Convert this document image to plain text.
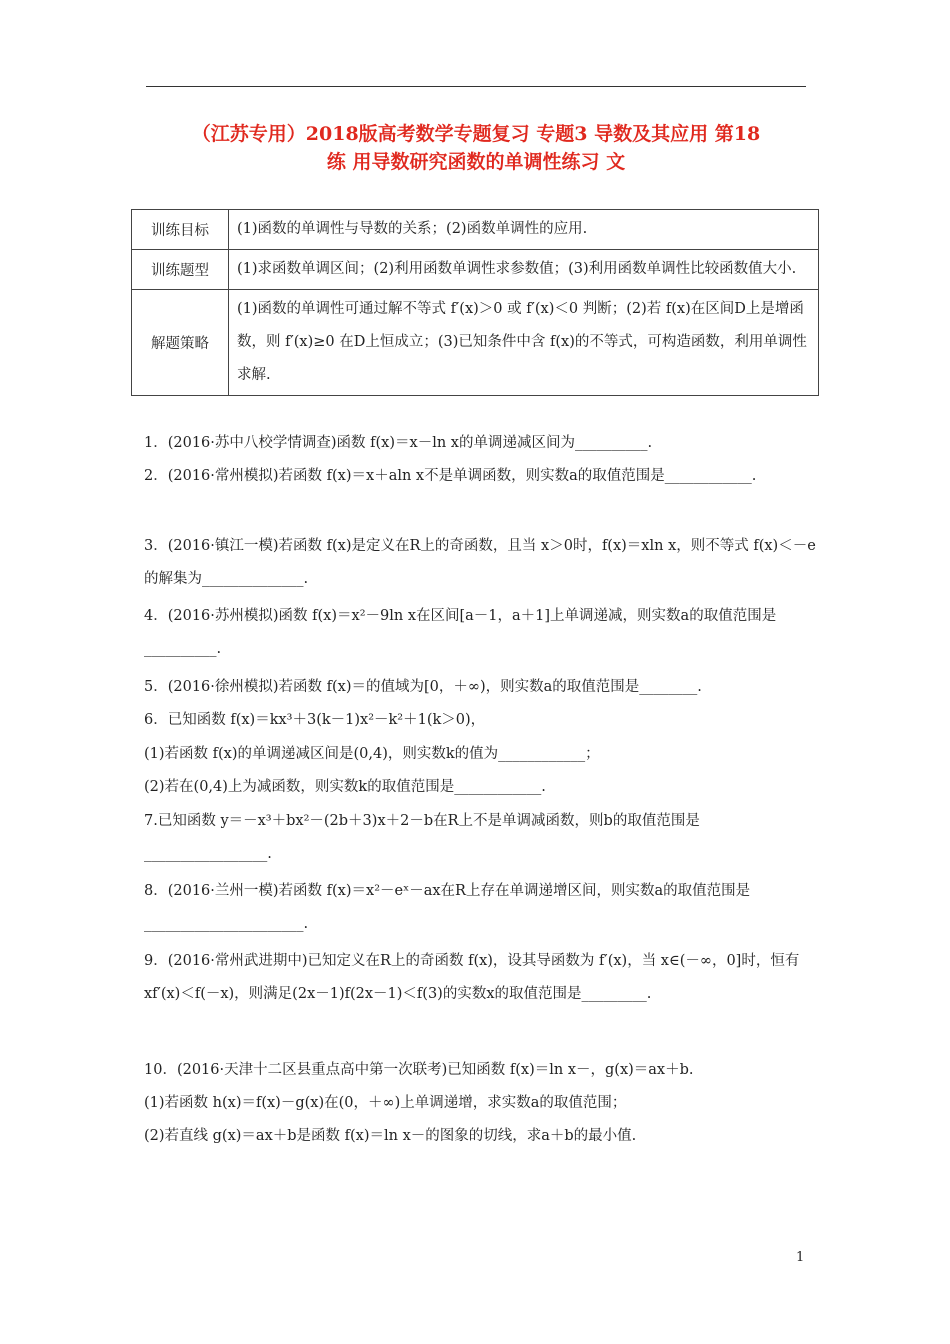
（江苏专用）2018版高考数学专题复习 专题3 导数及其应用 第18
练 用导数研究函数的单调性练习 文
训练目标	(1)函数的单调性与导数的关系；(2)函数单调性的应用.
训练题型	(1)求函数单调区间；(2)利用函数单调性求参数值；(3)利用函数单调性比较函数值大小.
解题策略	(1)函数的单调性可通过解不等式 f′(x)＞0 或 f′(x)＜0 判断；(2)若 f(x)在区间D上是增函数，则 f′(x)≥0 在D上恒成立；(3)已知条件中含 f(x)的不等式，可构造函数，利用单调性求解.
1．(2016·苏中八校学情调查)函数 f(x)＝x－ln x的单调递减区间为__________.
2．(2016·常州模拟)若函数 f(x)＝x＋aln x不是单调函数，则实数a的取值范围是____________.
3．(2016·镇江一模)若函数 f(x)是定义在R上的奇函数，且当 x＞0时，f(x)＝xln x，则不等式 f(x)＜－e的解集为______________.
4．(2016·苏州模拟)函数 f(x)＝x²－9ln x在区间[a－1，a＋1]上单调递减，则实数a的取值范围是__________.
5．(2016·徐州模拟)若函数 f(x)＝的值域为[0，＋∞)，则实数a的取值范围是________.
6．已知函数 f(x)＝kx³＋3(k－1)x²－k²＋1(k＞0)，
(1)若函数 f(x)的单调递减区间是(0,4)，则实数k的值为____________；
(2)若在(0,4)上为减函数，则实数k的取值范围是____________.
7.已知函数 y＝－x³＋bx²－(2b＋3)x＋2－b在R上不是单调减函数，则b的取值范围是_________________.
8．(2016·兰州一模)若函数 f(x)＝x²－eˣ－ax在R上存在单调递增区间，则实数a的取值范围是______________________.
9．(2016·常州武进期中)已知定义在R上的奇函数 f(x)，设其导函数为 f′(x)，当 x∈(－∞，0]时，恒有 xf′(x)＜f(－x)，则满足(2x－1)f(2x－1)＜f(3)的实数x的取值范围是_________.
10．(2016·天津十二区县重点高中第一次联考)已知函数 f(x)＝ln x－，g(x)＝ax＋b.
(1)若函数 h(x)＝f(x)－g(x)在(0，＋∞)上单调递增，求实数a的取值范围；
(2)若直线 g(x)＝ax＋b是函数 f(x)＝ln x－的图象的切线，求a＋b的最小值.
1
